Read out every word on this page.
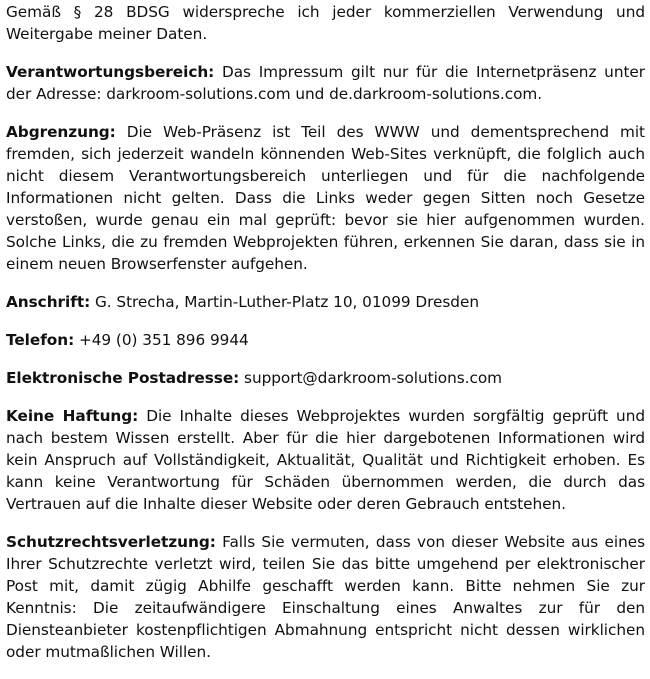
Gemäß § 28 BDSG widerspreche ich jeder kommerziellen Verwendung und Weitergabe meiner Daten.

Verantwortungsbereich: Das Impressum gilt nur für die Internetpräsenz unter der Adresse: darkroom-solutions.com und de.darkroom-solutions.com.

Abgrenzung: Die Web-Präsenz ist Teil des WWW und dementsprechend mit fremden, sich jederzeit wandeln könnenden Web-Sites verknüpft, die folglich auch nicht diesem Verantwortungsbereich unterliegen und für die nachfolgende Informationen nicht gelten. Dass die Links weder gegen Sitten noch Gesetze verstoßen, wurde genau ein mal geprüft: bevor sie hier aufgenommen wurden. Solche Links, die zu fremden Webprojekten führen, erkennen Sie daran, dass sie in einem neuen Browserfenster aufgehen.

Anschrift: G. Strecha, Martin-Luther-Platz 10, 01099 Dresden

Telefon: +49 (0) 351 896 9944

Elektronische Postadresse: support@darkroom-solutions.com

Keine Haftung: Die Inhalte dieses Webprojektes wurden sorgfältig geprüft und nach bestem Wissen erstellt. Aber für die hier dargebotenen Informationen wird kein Anspruch auf Vollständigkeit, Aktualität, Qualität und Richtigkeit erhoben. Es kann keine Verantwortung für Schäden übernommen werden, die durch das Vertrauen auf die Inhalte dieser Website oder deren Gebrauch entstehen.

Schutzrechtsverletzung: Falls Sie vermuten, dass von dieser Website aus eines Ihrer Schutzrechte verletzt wird, teilen Sie das bitte umgehend per elektronischer Post mit, damit zügig Abhilfe geschafft werden kann. Bitte nehmen Sie zur Kenntnis: Die zeitaufwändigere Einschaltung eines Anwaltes zur für den Diensteanbieter kostenpflichtigen Abmahnung entspricht nicht dessen wirklichen oder mutmaßlichen Willen.
